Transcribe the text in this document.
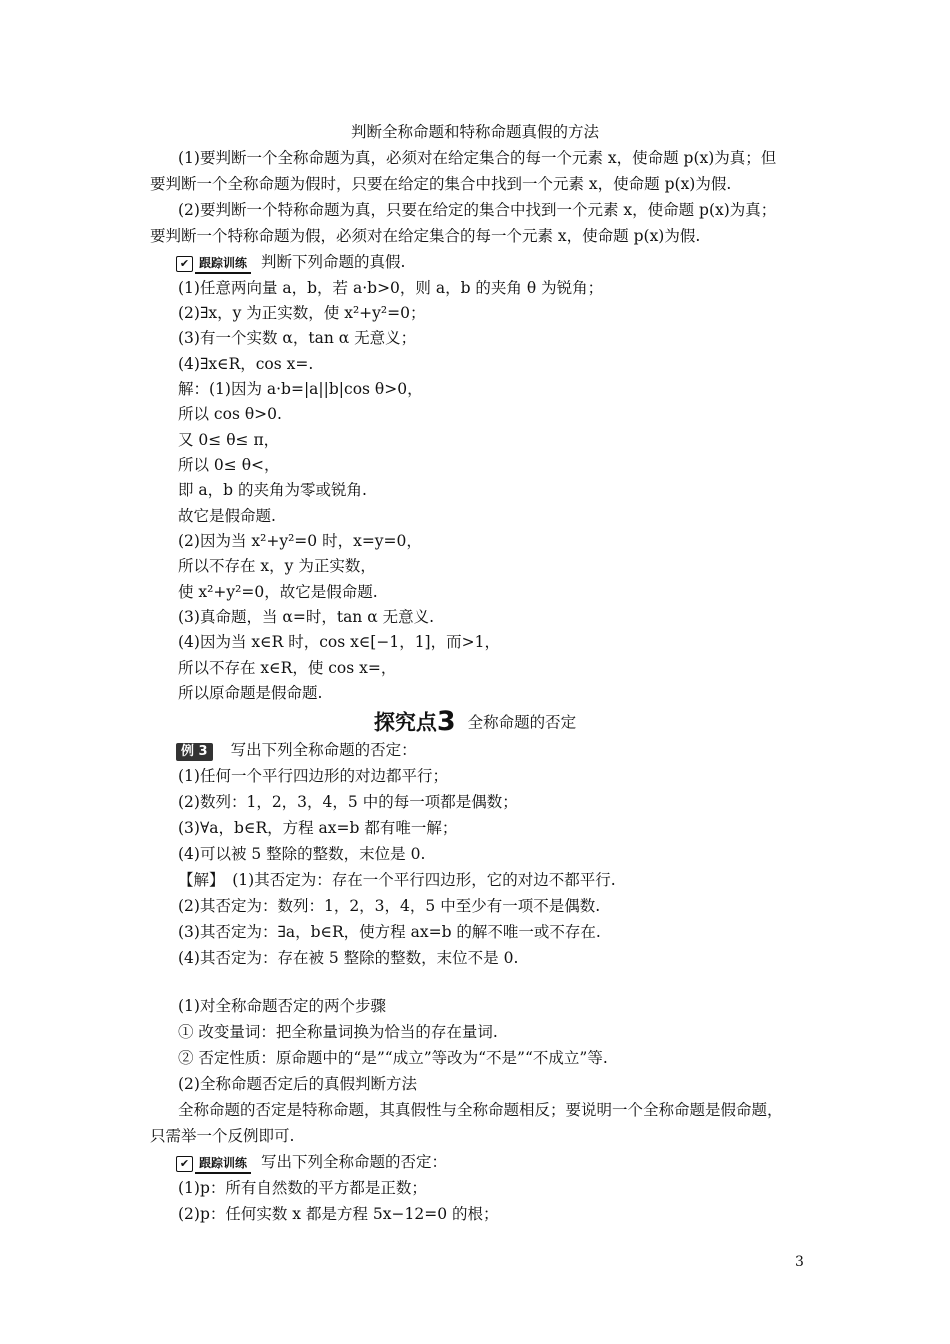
判断全称命题和特称命题真假的方法
(1)要判断一个全称命题为真，必须对在给定集合的每一个元素 x，使命题 p(x)为真；但
要判断一个全称命题为假时，只要在给定的集合中找到一个元素 x，使命题 p(x)为假.
(2)要判断一个特称命题为真，只要在给定的集合中找到一个元素 x，使命题 p(x)为真；
要判断一个特称命题为假，必须对在给定集合的每一个元素 x，使命题 p(x)为假.
✔ 跟踪训练 判断下列命题的真假.
(1)任意两向量 a，b，若 a·b>0，则 a，b 的夹角 θ 为锐角；
(2)∃x，y 为正实数，使 x²+y²=0；
(3)有一个实数 α，tan α 无意义；
(4)∃x∈R，cos x=.
解：(1)因为 a·b=|a||b|cos θ>0，
所以 cos θ>0.
又 0≤ θ≤ π，
所以 0≤ θ<，
即 a，b 的夹角为零或锐角.
故它是假命题.
(2)因为当 x²+y²=0 时，x=y=0，
所以不存在 x，y 为正实数，
使 x²+y²=0，故它是假命题.
(3)真命题，当 α=时，tan α 无意义.
(4)因为当 x∈R 时，cos x∈[−1，1]，而>1，
所以不存在 x∈R，使 cos x=，
所以原命题是假命题.
探究点3 全称命题的否定
例 3 写出下列全称命题的否定：
(1)任何一个平行四边形的对边都平行；
(2)数列：1，2，3，4，5 中的每一项都是偶数；
(3)∀a，b∈R，方程 ax=b 都有唯一解；
(4)可以被 5 整除的整数，末位是 0.
【解】　(1)其否定为：存在一个平行四边形，它的对边不都平行.
(2)其否定为：数列：1，2，3，4，5 中至少有一项不是偶数.
(3)其否定为：∃a，b∈R，使方程 ax=b 的解不唯一或不存在.
(4)其否定为：存在被 5 整除的整数，末位不是 0.
(1)对全称命题否定的两个步骤
① 改变量词：把全称量词换为恰当的存在量词.
② 否定性质：原命题中的“是”“成立”等改为“不是”“不成立”等.
(2)全称命题否定后的真假判断方法
全称命题的否定是特称命题，其真假性与全称命题相反；要说明一个全称命题是假命题，
只需举一个反例即可.
✔ 跟踪训练 写出下列全称命题的否定：
(1)p：所有自然数的平方都是正数；
(2)p：任何实数 x 都是方程 5x−12=0 的根；
3
